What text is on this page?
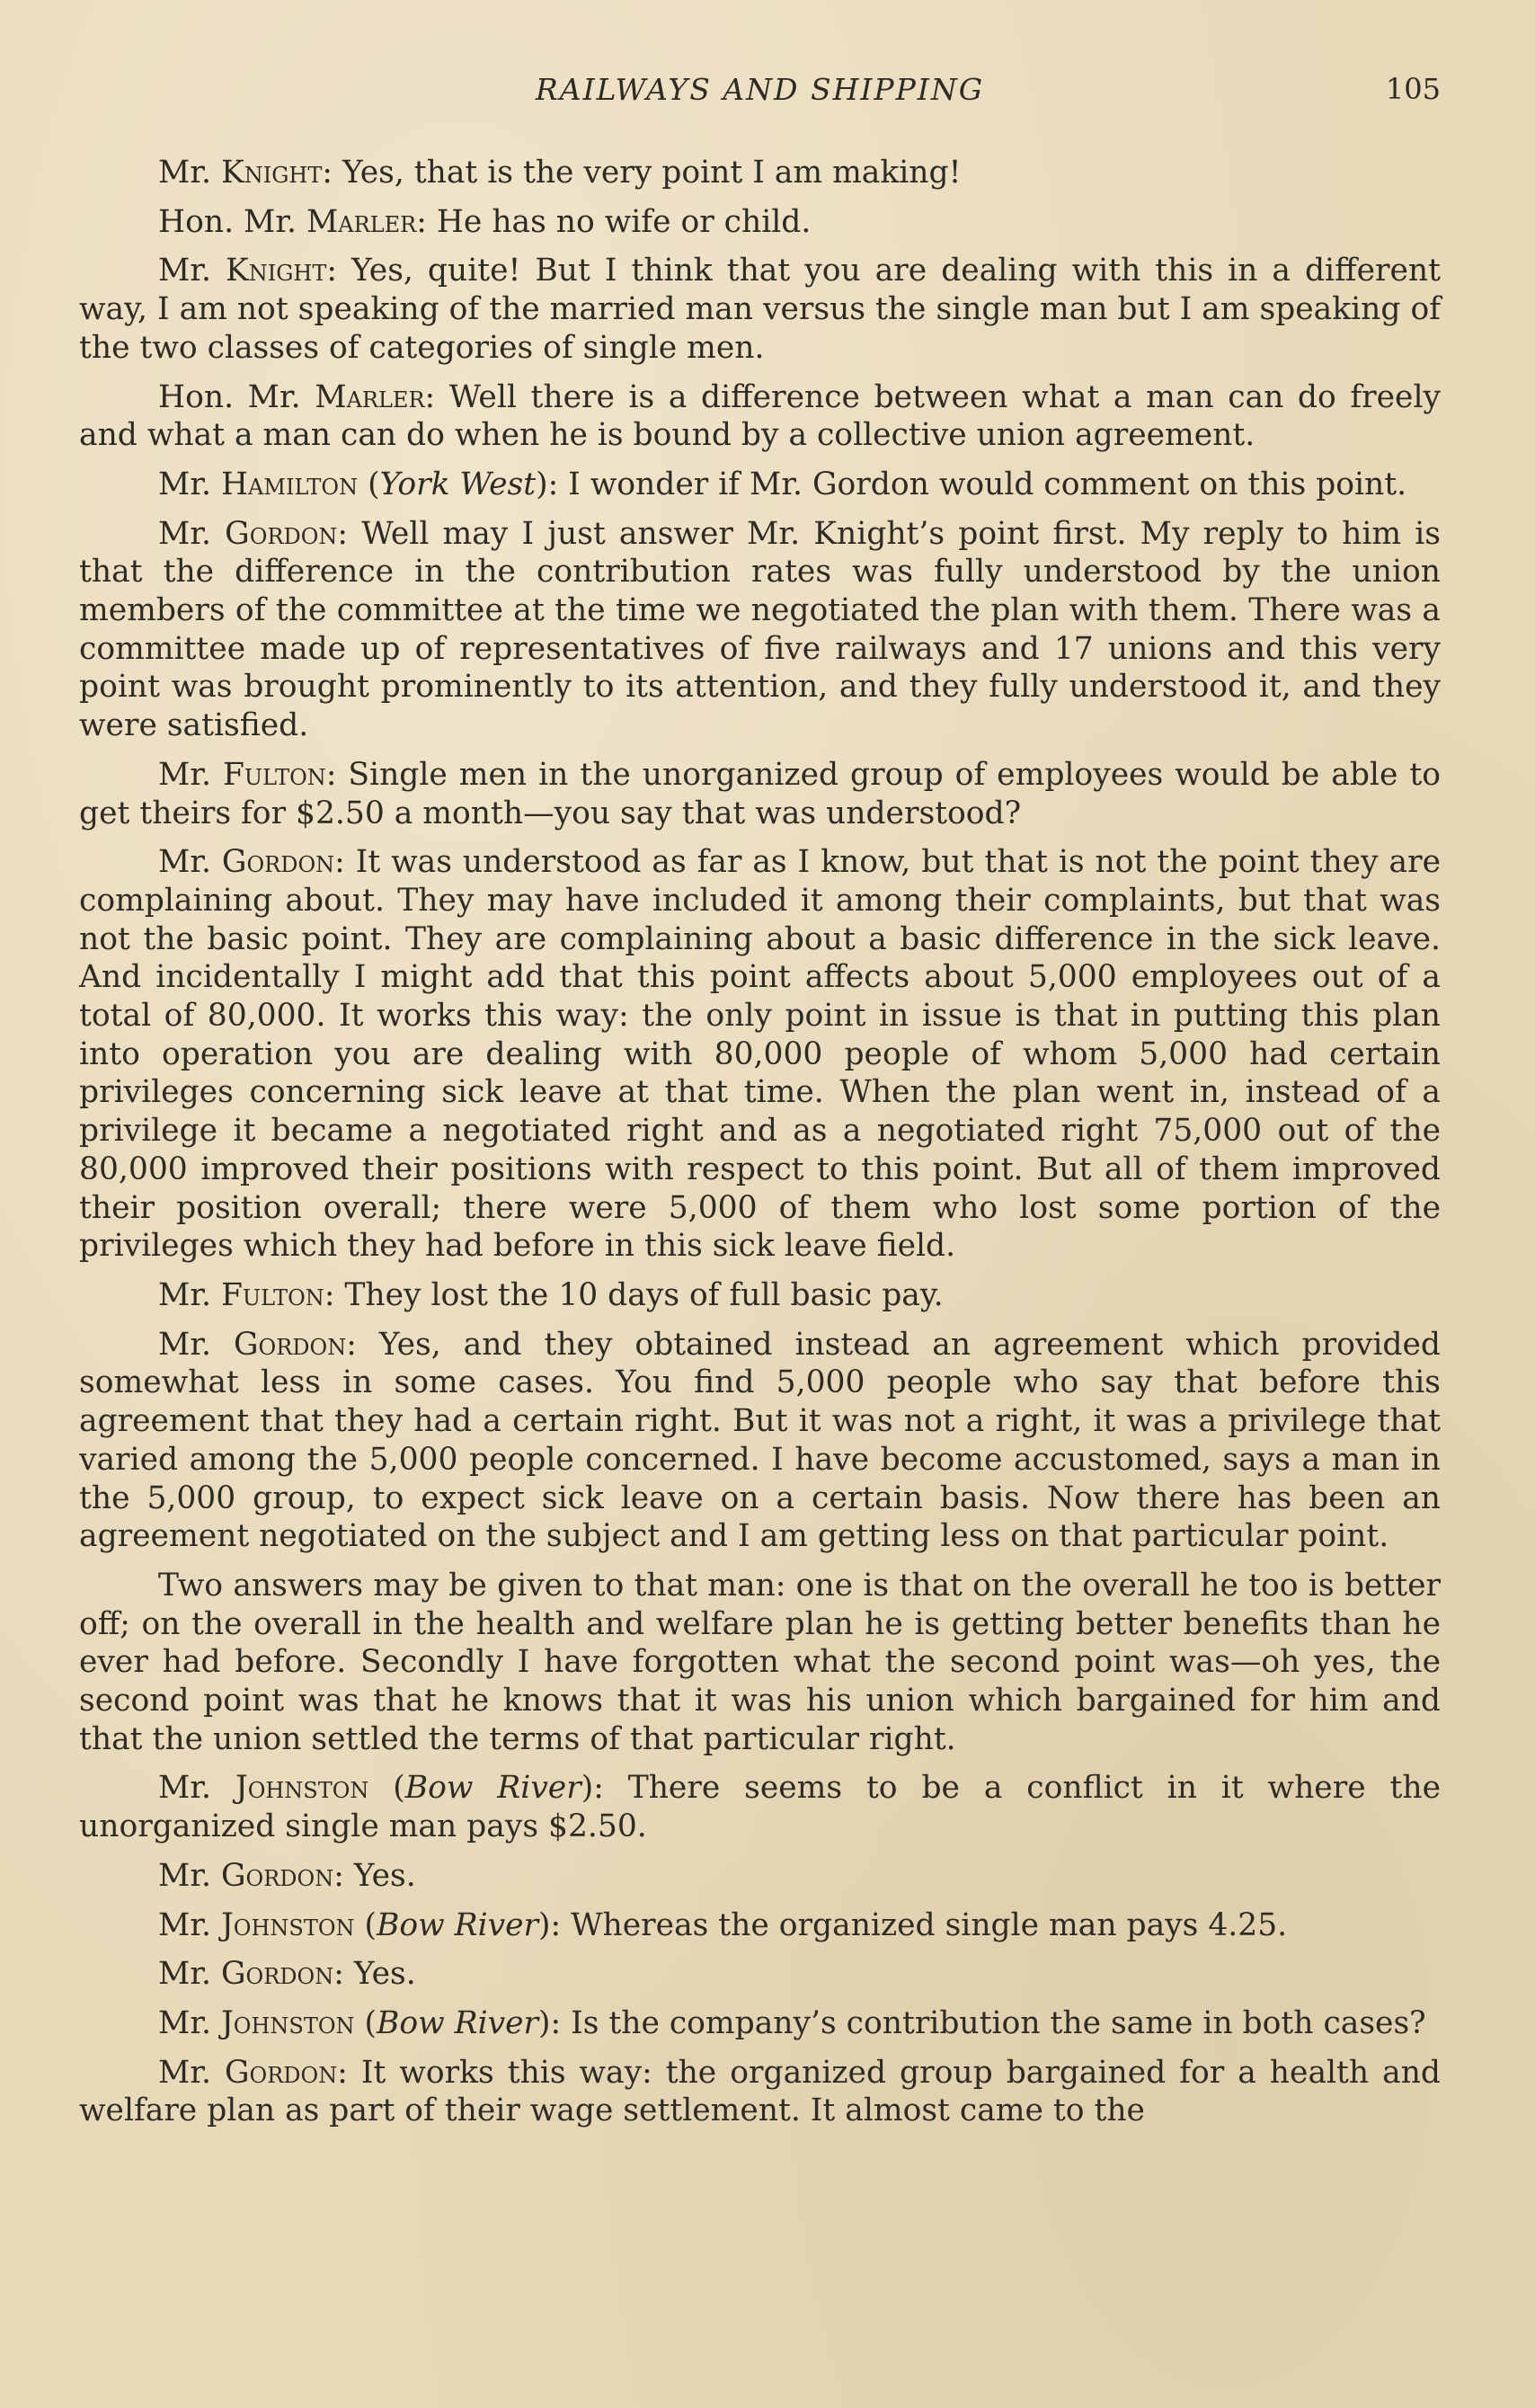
RAILWAYS AND SHIPPING	105

Mr. Knight: Yes, that is the very point I am making!

Hon. Mr. Marler: He has no wife or child.

Mr. Knight: Yes, quite! But I think that you are dealing with this in a different way, I am not speaking of the married man versus the single man but I am speaking of the two classes of categories of single men.

Hon. Mr. Marler: Well there is a difference between what a man can do freely and what a man can do when he is bound by a collective union agreement.

Mr. Hamilton (York West): I wonder if Mr. Gordon would comment on this point.

Mr. Gordon: Well may I just answer Mr. Knight’s point first. My reply to him is that the difference in the contribution rates was fully understood by the union members of the committee at the time we negotiated the plan with them. There was a committee made up of representatives of five railways and 17 unions and this very point was brought prominently to its attention, and they fully understood it, and they were satisfied.

Mr. Fulton: Single men in the unorganized group of employees would be able to get theirs for $2.50 a month—you say that was understood?

Mr. Gordon: It was understood as far as I know, but that is not the point they are complaining about. They may have included it among their complaints, but that was not the basic point. They are complaining about a basic difference in the sick leave. And incidentally I might add that this point affects about 5,000 employees out of a total of 80,000. It works this way: the only point in issue is that in putting this plan into operation you are dealing with 80,000 people of whom 5,000 had certain privileges concerning sick leave at that time. When the plan went in, instead of a privilege it became a negotiated right and as a negotiated right 75,000 out of the 80,000 improved their positions with respect to this point. But all of them improved their position overall; there were 5,000 of them who lost some portion of the privileges which they had before in this sick leave field.

Mr. Fulton: They lost the 10 days of full basic pay.

Mr. Gordon: Yes, and they obtained instead an agreement which provided somewhat less in some cases. You find 5,000 people who say that before this agreement that they had a certain right. But it was not a right, it was a privilege that varied among the 5,000 people concerned. I have become accustomed, says a man in the 5,000 group, to expect sick leave on a certain basis. Now there has been an agreement negotiated on the subject and I am getting less on that particular point.

Two answers may be given to that man: one is that on the overall he too is better off; on the overall in the health and welfare plan he is getting better benefits than he ever had before. Secondly I have forgotten what the second point was—oh yes, the second point was that he knows that it was his union which bargained for him and that the union settled the terms of that particular right.

Mr. Johnston (Bow River): There seems to be a conflict in it where the unorganized single man pays $2.50.

Mr. Gordon: Yes.

Mr. Johnston (Bow River): Whereas the organized single man pays 4.25.

Mr. Gordon: Yes.

Mr. Johnston (Bow River): Is the company’s contribution the same in both cases?

Mr. Gordon: It works this way: the organized group bargained for a health and welfare plan as part of their wage settlement. It almost came to the
